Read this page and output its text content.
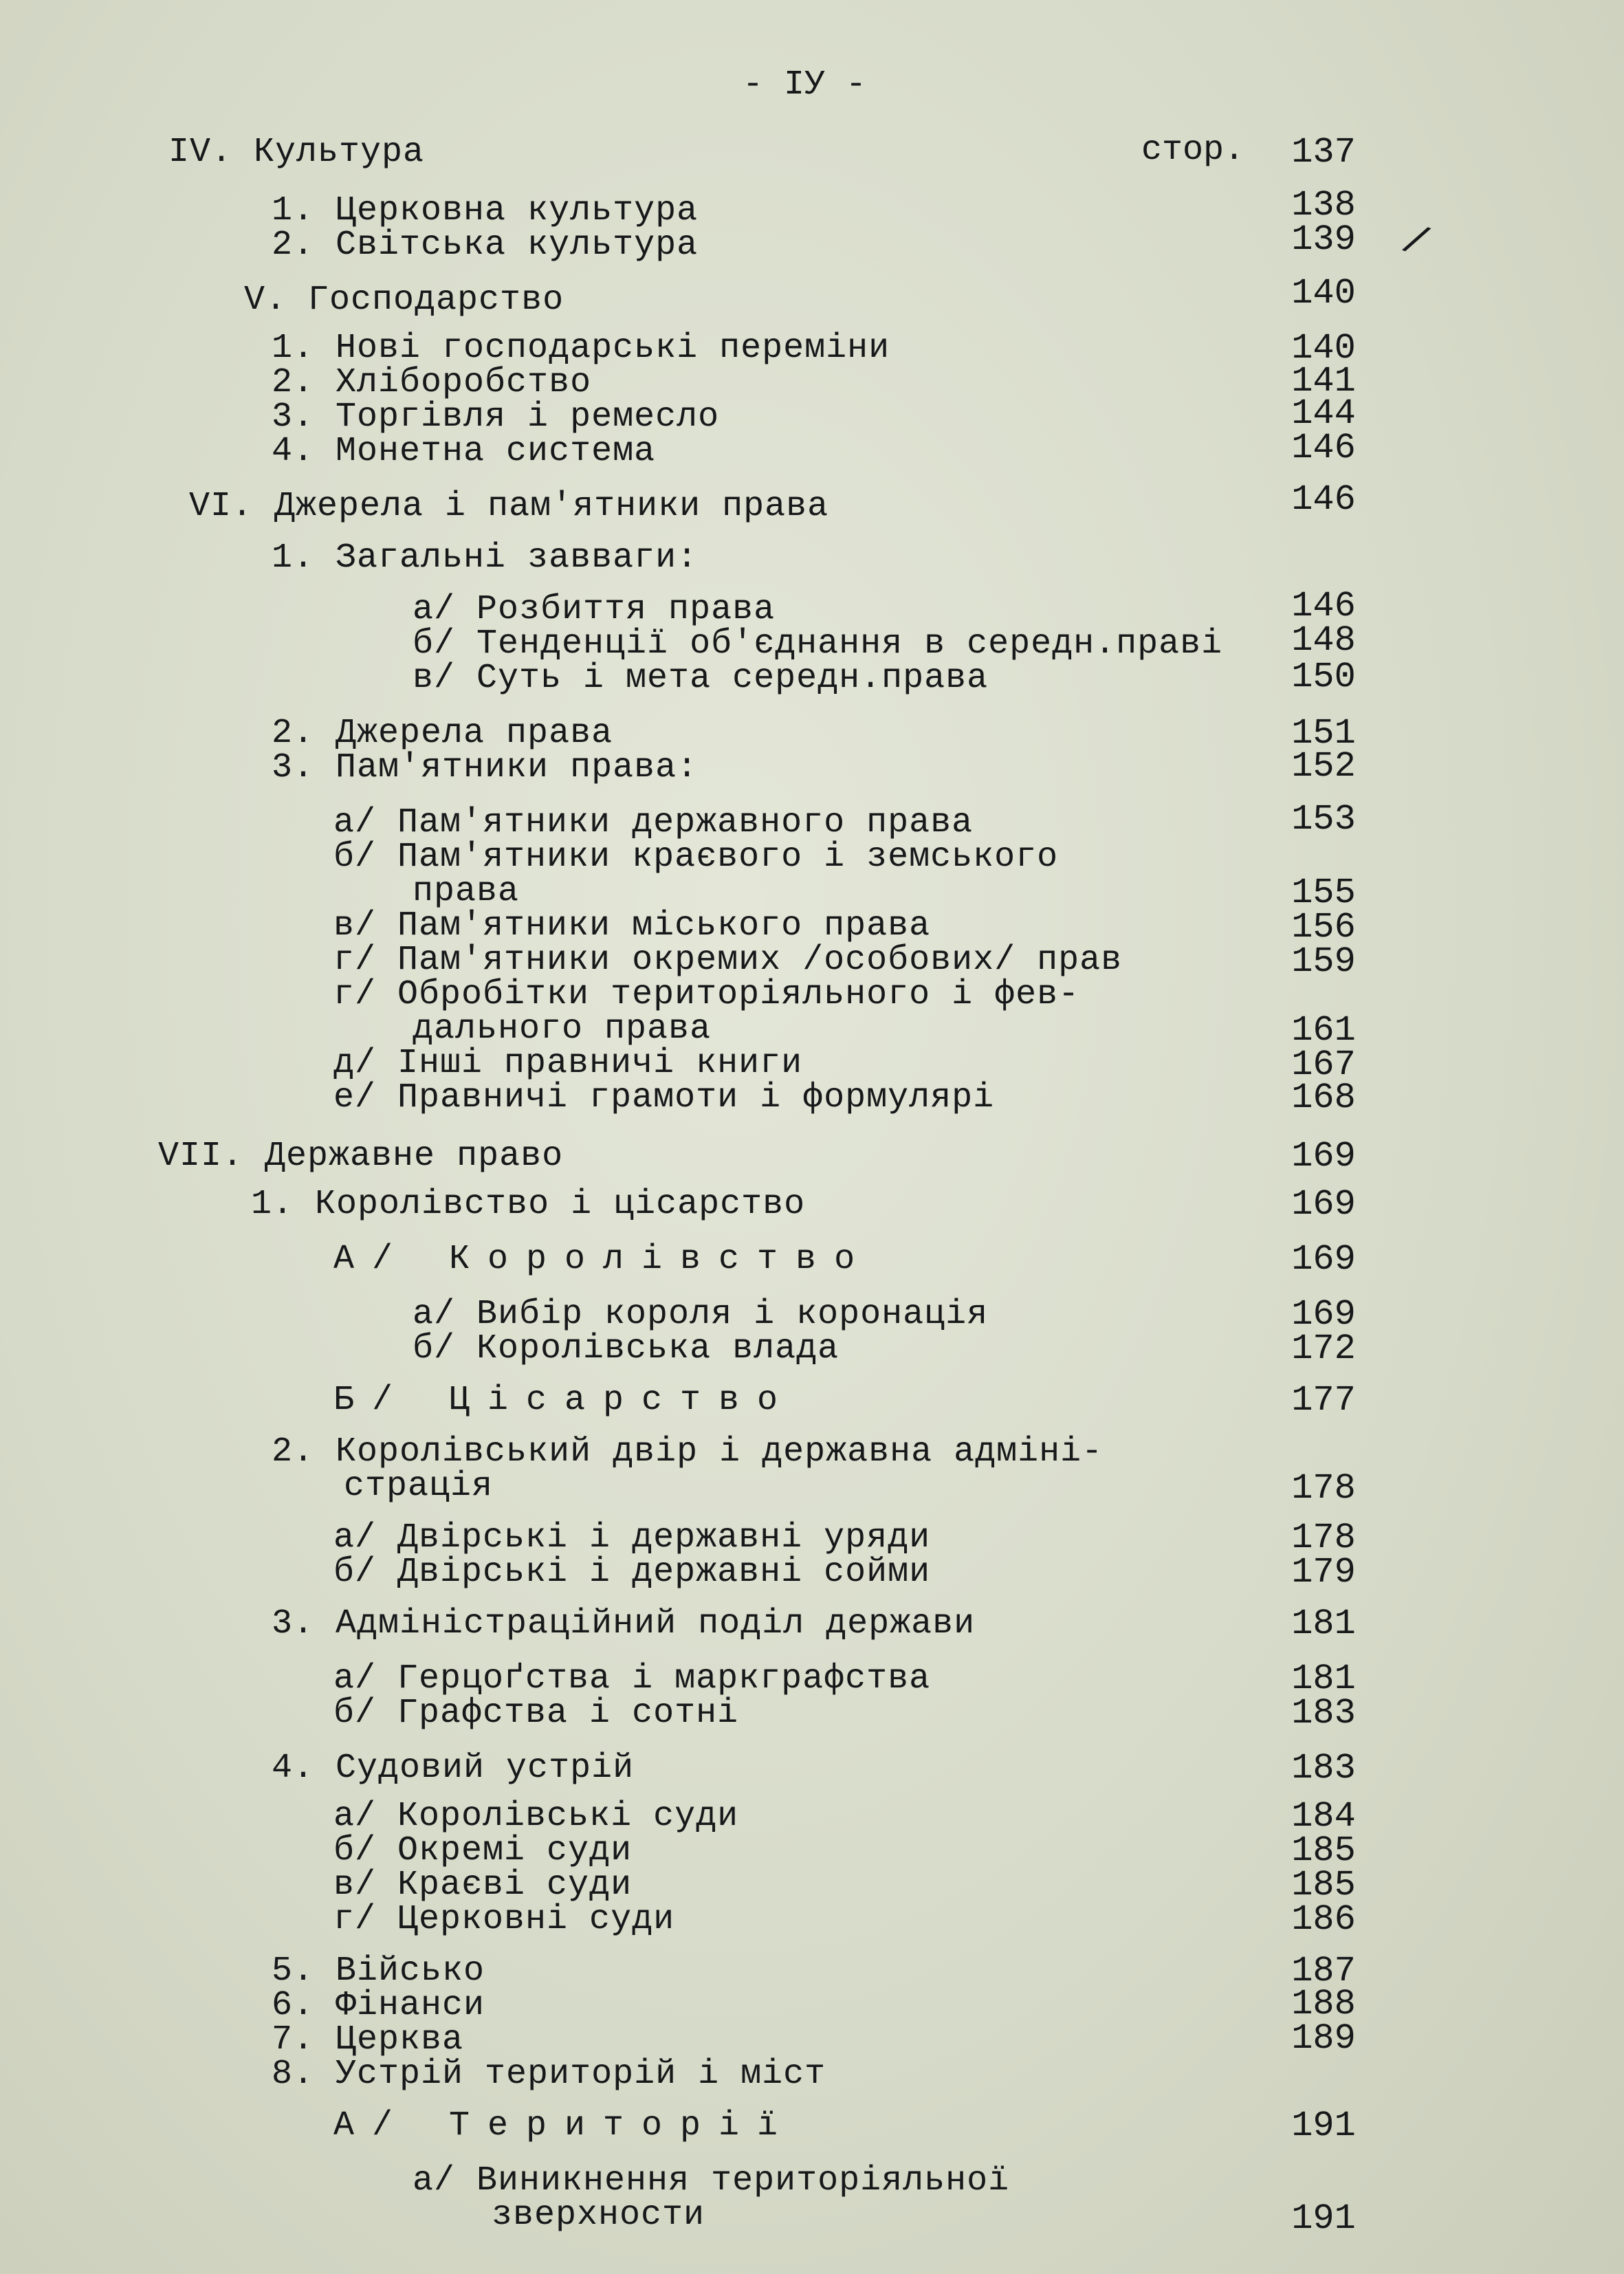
- IУ -
стор.
IV. Культура	137
1. Церковна культура	138
2. Світська культура	139
V. Господарство	140
1. Нові господарські переміни	140
2. Хліборобство	141
3. Торгівля і ремесло	144
4. Монетна система	146
VI. Джерела і пам'ятники права	146
1. Загальні завваги:
а/ Розбиття права	146
б/ Тенденції об'єднання в середн.праві 148
в/ Суть і мета середн.права	150
2. Джерела права	151
3. Пам'ятники права:	152
а/ Пам'ятники державного права	153
б/ Пам'ятники краєвого і земського
права	155
в/ Пам'ятники міського права	156
г/ Пам'ятники окремих /особових/ прав	159
г/ Обробітки територіяльного і фев-
дального права	161
д/ Інші правничі книги	167
е/ Правничі грамоти і формулярі	168
VII. Державне право	169
1. Королівство і цісарство	169
А/ Королівство	169
а/ Вибір короля і коронація	169
б/ Королівська влада	172
Б/ Цісарство	177
2. Королівський двір і державна адміні-
страція	178
а/ Двірські і державні уряди	178
б/ Двірські і державні сойми	179
3. Адміністраційний поділ держави	181
а/ Герцоґства і маркграфства	181
б/ Графства і сотні	183
4. Судовий устрій	183
а/ Королівські суди	184
б/ Окремі суди	185
в/ Краєві суди	185
г/ Церковні суди	186
5. Військо	187
6. Фінанси	188
7. Церква	189
8. Устрій територій і міст
А/ Території	191
а/ Виникнення територіяльної
зверхности	191
/
